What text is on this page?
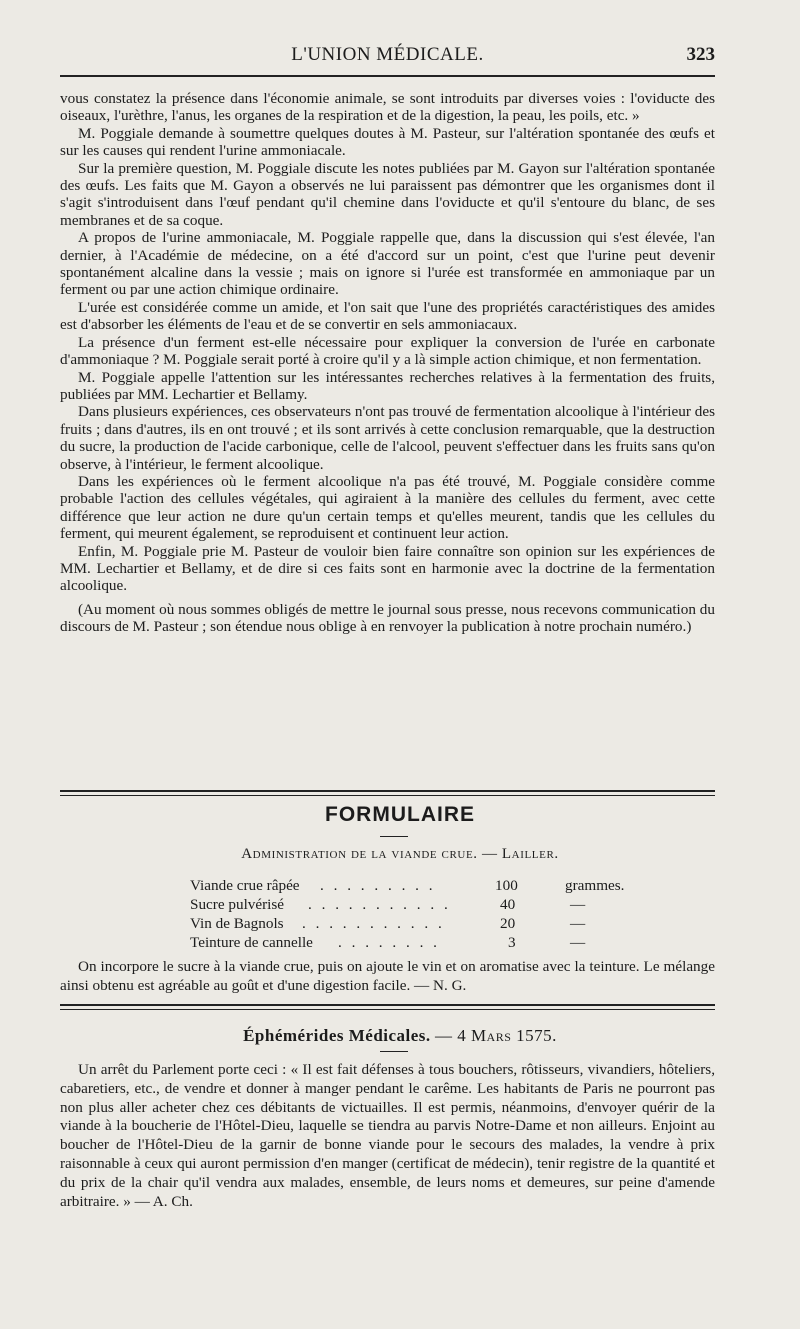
L'UNION MÉDICALE.	323

vous constatez la présence dans l'économie animale, se sont introduits par diverses voies : l'oviducte des oiseaux, l'urèthre, l'anus, les organes de la respiration et de la digestion, la peau, les poils, etc. »

M. Poggiale demande à soumettre quelques doutes à M. Pasteur, sur l'altération spontanée des œufs et sur les causes qui rendent l'urine ammoniacale.

Sur la première question, M. Poggiale discute les notes publiées par M. Gayon sur l'altération spontanée des œufs. Les faits que M. Gayon a observés ne lui paraissent pas démontrer que les organismes dont il s'agit s'introduisent dans l'œuf pendant qu'il chemine dans l'oviducte et qu'il s'entoure du blanc, de ses membranes et de sa coque.

A propos de l'urine ammoniacale, M. Poggiale rappelle que, dans la discussion qui s'est élevée, l'an dernier, à l'Académie de médecine, on a été d'accord sur un point, c'est que l'urine peut devenir spontanément alcaline dans la vessie ; mais on ignore si l'urée est transformée en ammoniaque par un ferment ou par une action chimique ordinaire.

L'urée est considérée comme un amide, et l'on sait que l'une des propriétés caractéristiques des amides est d'absorber les éléments de l'eau et de se convertir en sels ammoniacaux.

La présence d'un ferment est-elle nécessaire pour expliquer la conversion de l'urée en carbonate d'ammoniaque ? M. Poggiale serait porté à croire qu'il y a là simple action chimique, et non fermentation.

M. Poggiale appelle l'attention sur les intéressantes recherches relatives à la fermentation des fruits, publiées par MM. Lechartier et Bellamy.

Dans plusieurs expériences, ces observateurs n'ont pas trouvé de fermentation alcoolique à l'intérieur des fruits ; dans d'autres, ils en ont trouvé ; et ils sont arrivés à cette conclusion remarquable, que la destruction du sucre, la production de l'acide carbonique, celle de l'alcool, peuvent s'effectuer dans les fruits sans qu'on observe, à l'intérieur, le ferment alcoolique.

Dans les expériences où le ferment alcoolique n'a pas été trouvé, M. Poggiale considère comme probable l'action des cellules végétales, qui agiraient à la manière des cellules du ferment, avec cette différence que leur action ne dure qu'un certain temps et qu'elles meurent, tandis que les cellules du ferment, qui meurent également, se reproduisent et continuent leur action.

Enfin, M. Poggiale prie M. Pasteur de vouloir bien faire connaître son opinion sur les expériences de MM. Lechartier et Bellamy, et de dire si ces faits sont en harmonie avec la doctrine de la fermentation alcoolique.

(Au moment où nous sommes obligés de mettre le journal sous presse, nous recevons communication du discours de M. Pasteur ; son étendue nous oblige à en renvoyer la publication à notre prochain numéro.)

FORMULAIRE
Administration de la viande crue. — Lailler.
Viande crue râpée . . . . . . . . .	100	grammes.
Sucre pulvérisé . . . . . . . . . . .	40	—
Vin de Bagnols . . . . . . . . . . .	20	—
Teinture de cannelle . . . . . . . .	3	—

On incorpore le sucre à la viande crue, puis on ajoute le vin et on aromatise avec la teinture. Le mélange ainsi obtenu est agréable au goût et d'une digestion facile. — N. G.

Éphémérides Médicales. — 4 Mars 1575.

Un arrêt du Parlement porte ceci : « Il est fait défenses à tous bouchers, rôtisseurs, vivandiers, hôteliers, cabaretiers, etc., de vendre et donner à manger pendant le carême. Les habitants de Paris ne pourront pas non plus aller acheter chez ces débitants de victuailles. Il est permis, néanmoins, d'envoyer quérir de la viande à la boucherie de l'Hôtel-Dieu, laquelle se tiendra au parvis Notre-Dame et non ailleurs. Enjoint au boucher de l'Hôtel-Dieu de la garnir de bonne viande pour le secours des malades, la vendre à prix raisonnable à ceux qui auront permission d'en manger (certificat de médecin), tenir registre de la quantité et du prix de la chair qu'il vendra aux malades, ensemble, de leurs noms et demeures, sur peine d'amende arbitraire. » — A. Ch.
